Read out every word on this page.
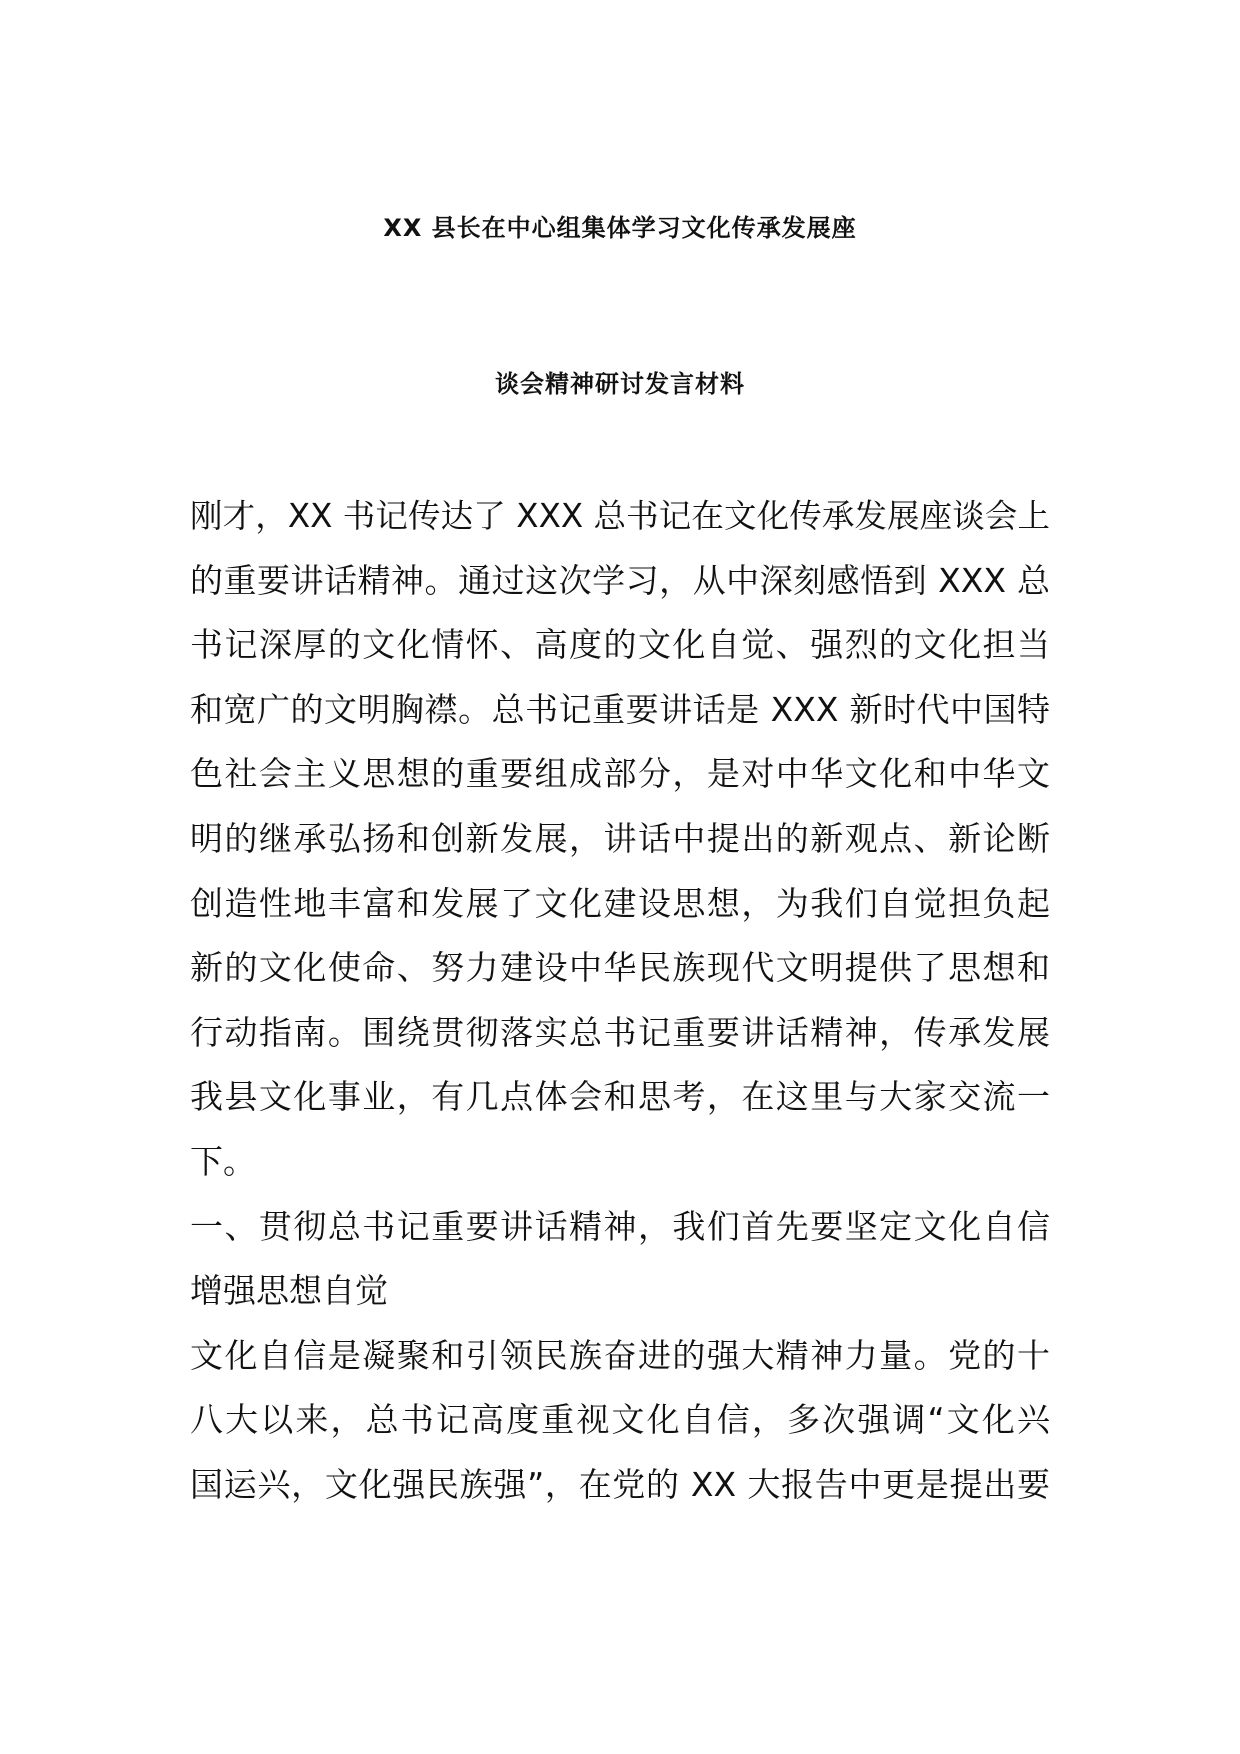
XX 县长在中心组集体学习文化传承发展座
谈会精神研讨发言材料
刚才，XX 书记传达了 XXX 总书记在文化传承发展座谈会上
的重要讲话精神。通过这次学习，从中深刻感悟到 XXX 总
书记深厚的文化情怀、高度的文化自觉、强烈的文化担当
和宽广的文明胸襟。总书记重要讲话是 XXX 新时代中国特
色社会主义思想的重要组成部分，是对中华文化和中华文
明的继承弘扬和创新发展，讲话中提出的新观点、新论断
创造性地丰富和发展了文化建设思想，为我们自觉担负起
新的文化使命、努力建设中华民族现代文明提供了思想和
行动指南。围绕贯彻落实总书记重要讲话精神，传承发展
我县文化事业，有几点体会和思考，在这里与大家交流一
下。
一、贯彻总书记重要讲话精神，我们首先要坚定文化自信
增强思想自觉
文化自信是凝聚和引领民族奋进的强大精神力量。党的十
八大以来，总书记高度重视文化自信，多次强调“文化兴
国运兴，文化强民族强”，在党的 XX 大报告中更是提出要
